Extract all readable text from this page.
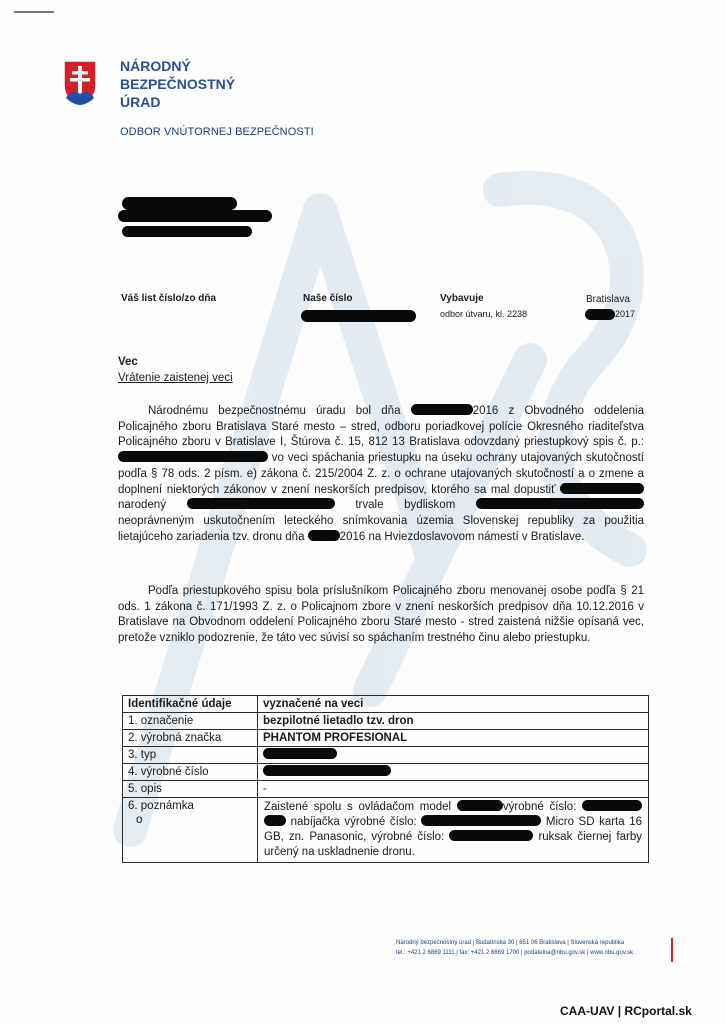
NÁRODNÝ
BEZPEČNOSTNÝ
ÚRAD
ODBOR VNÚTORNEJ BEZPEČNOSTI
Váš list číslo/zo dňa	Naše číslo	Vybavuje
odbor útvaru, kl. 2238
Bratislava
2017
Vec
Vrátenie zaistenej veci

Národnému bezpečnostnému úradu bol dňa	2016 z Obvodného oddelenia Policajného zboru Bratislava Staré mesto – stred, odboru poriadkovej polície Okresného riaditeľstva Policajného zboru v Bratislave I, Štúrova č. 15, 812 13 Bratislava odovzdaný priestupkový spis č. p.:  vo veci spáchania priestupku na úseku ochrany utajovaných skutočností podľa § 78 ods. 2 písm. e) zákona č. 215/2004 Z. z. o ochrane utajovaných skutočností a o zmene a doplnení niektorých zákonov v znení neskorších predpisov, ktorého sa mal dopustiť  narodený	trvale bydliskom  neoprávneným uskutočnením leteckého snímkovania územia Slovenskej republiky za použitia lietajúceho zariadenia tzv. dronu dňa	2016 na Hviezdoslavovom námestí v Bratislave.

Podľa priestupkového spisu bola príslušníkom Policajného zboru menovanej osobe podľa § 21 ods. 1 zákona č. 171/1993 Z. z. o Policajnom zbore v znení neskorších predpisov dňa 10.12.2016 v Bratislave na Obvodnom oddelení Policajného zboru Staré mesto - stred zaistená nižšie opísaná vec, pretože vzniklo podozrenie, že táto vec súvisí so spáchaním trestného činu alebo priestupku.

Identifikačné údaje	vyznačené na veci
1. označenie	bezpilotné lietadlo tzv. dron
2. výrobná značka	PHANTOM PROFESIONAL
3. typ	
4. výrobné číslo	
5. opis	-
6. poznámka
o	Zaistené spolu s ovládačom model výrobné číslo:   nabíjačka výrobné číslo: Micro SD karta 16 GB, zn. Panasonic, výrobné číslo: ruksak čiernej farby určený na uskladnenie dronu.
Národný bezpečnostný úrad | Budatínska 30 | 851 06 Bratislava | Slovenská republika
tel.: +421 2 6869 1111 | fax: +421 2 6869 1700 | podatelna@nbu.gov.sk | www.nbu.gov.sk
CAA-UAV | RCportal.sk
